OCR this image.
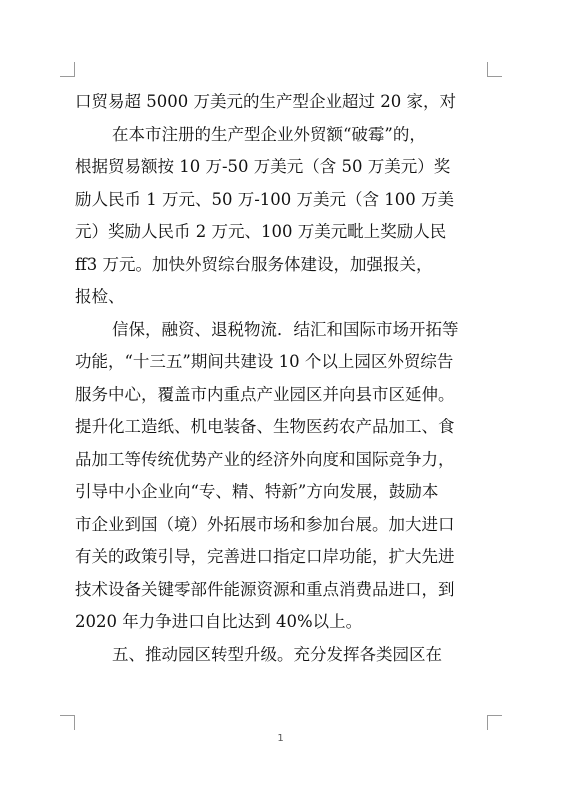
口贸易超 5000 万美元的生产型企业超过 20 家，对
在本市注册的生产型企业外贸额“破霉”的，
根据贸易额按 10 万-50 万美元（含 50 万美元）奖
励人民币 1 万元、50 万-100 万美元（含 100 万美
元）奖励人民币 2 万元、100 万美元毗上奖励人民
ff3 万元。加快外贸综台服务体建设，加强报关，
报检、
信保，融资、退税物流．结汇和国际市场开拓等
功能，“十三五”期间共建设 10 个以上园区外贸综告
服务中心，覆盖市内重点产业园区并向县市区延伸。
提升化工造纸、机电装备、生物医药农产品加工、食
品加工等传统优势产业的经济外向度和国际竞争力，
引导中小企业向“专、精、特新”方向发展，鼓励本
市企业到国（境）外拓展市场和参加台展。加大进口
有关的政策引导，完善进口指定口岸功能，扩大先进
技术设备关键零部件能源资源和重点消费品进口，到
2020 年力争进口自比达到 40%以上。
五、推动园区转型升级。充分发挥各类园区在
1
